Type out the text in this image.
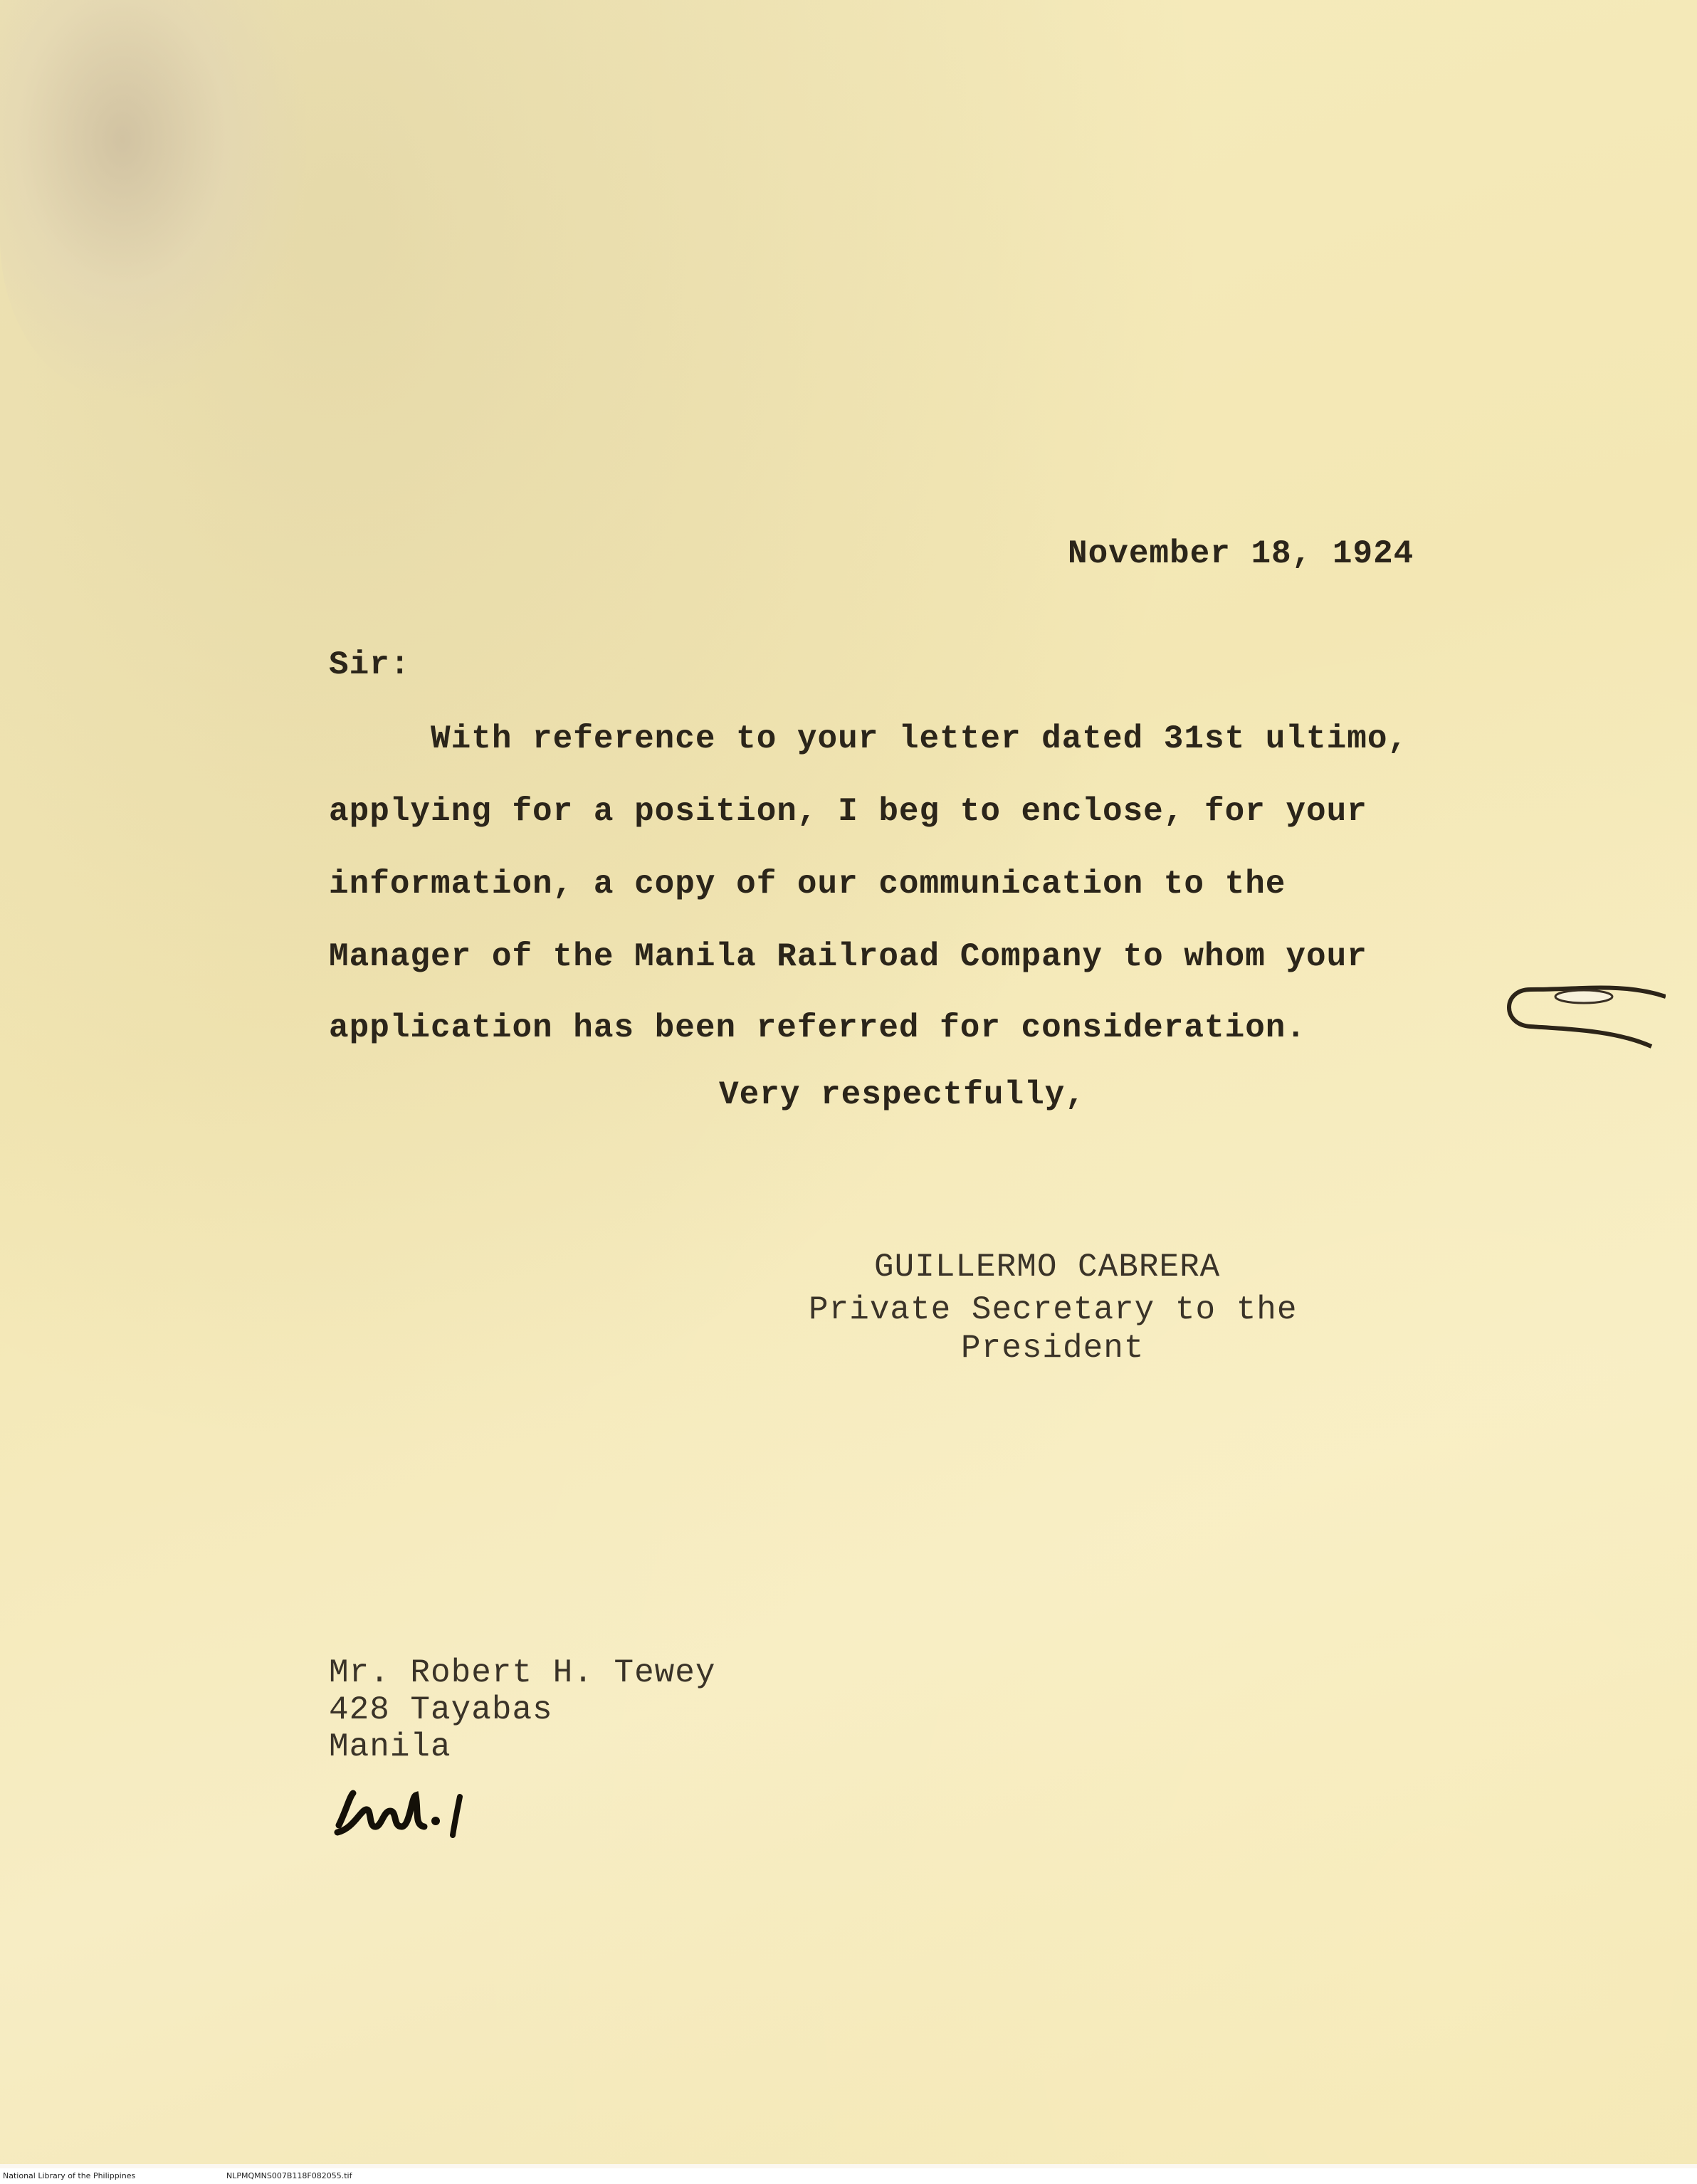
November 18, 1924
Sir:
With reference to your letter dated 31st ultimo,
applying for a position, I beg to enclose, for your
information, a copy of our communication to the
Manager of the Manila Railroad Company to whom your
application has been referred for consideration.
Very respectfully,
GUILLERMO CABRERA
Private Secretary to the
President
Mr. Robert H. Tewey
428 Tayabas
Manila
National Library of the Philippines	NLPMQMNS007B118F082055.tif
